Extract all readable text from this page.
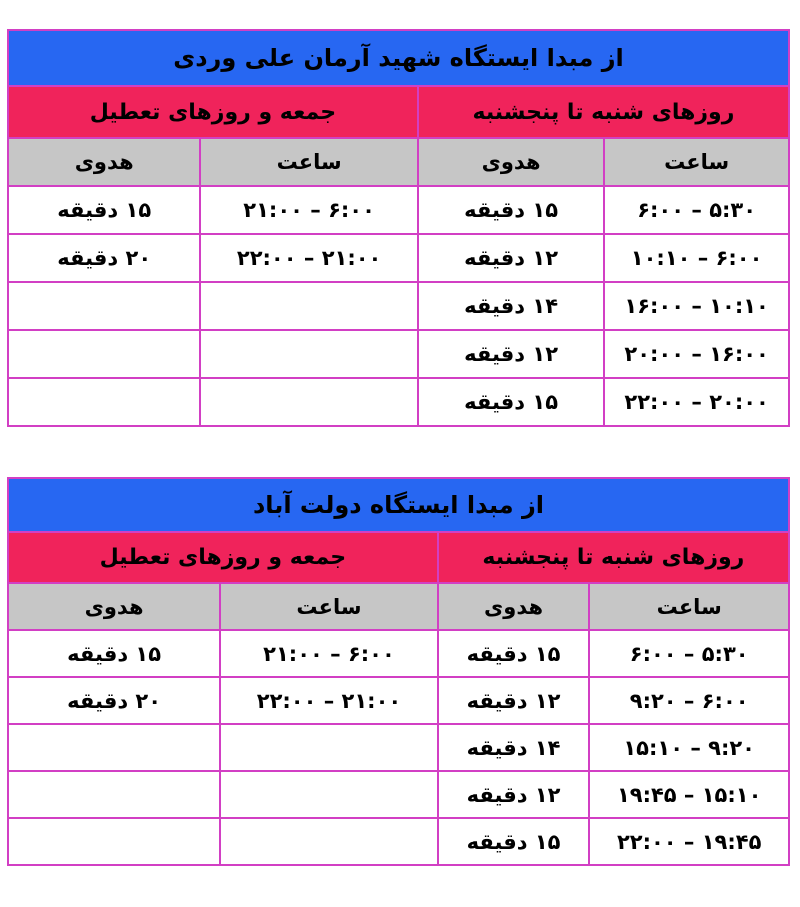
از مبدا ایستگاه شهید آرمان علی وردی			
روزهای شنبه تا پنجشنبه		جمعه و روزهای تعطیل	
ساعت	هدوی	ساعت	هدوی
۵:۳۰ – ۶:۰۰	۱۵ دقیقه	۶:۰۰ – ۲۱:۰۰	۱۵ دقیقه
۶:۰۰ – ۱۰:۱۰	۱۲ دقیقه	۲۱:۰۰ – ۲۲:۰۰	۲۰ دقیقه
۱۰:۱۰ – ۱۶:۰۰	۱۴ دقیقه		
۱۶:۰۰ – ۲۰:۰۰	۱۲ دقیقه		
۲۰:۰۰ – ۲۲:۰۰	۱۵ دقیقه		
از مبدا ایستگاه دولت آباد			
روزهای شنبه تا پنجشنبه		جمعه و روزهای تعطیل	
ساعت	هدوی	ساعت	هدوی
۵:۳۰ – ۶:۰۰	۱۵ دقیقه	۶:۰۰ – ۲۱:۰۰	۱۵ دقیقه
۶:۰۰ – ۹:۲۰	۱۲ دقیقه	۲۱:۰۰ – ۲۲:۰۰	۲۰ دقیقه
۹:۲۰ – ۱۵:۱۰	۱۴ دقیقه		
۱۵:۱۰ – ۱۹:۴۵	۱۲ دقیقه		
۱۹:۴۵ – ۲۲:۰۰	۱۵ دقیقه		
